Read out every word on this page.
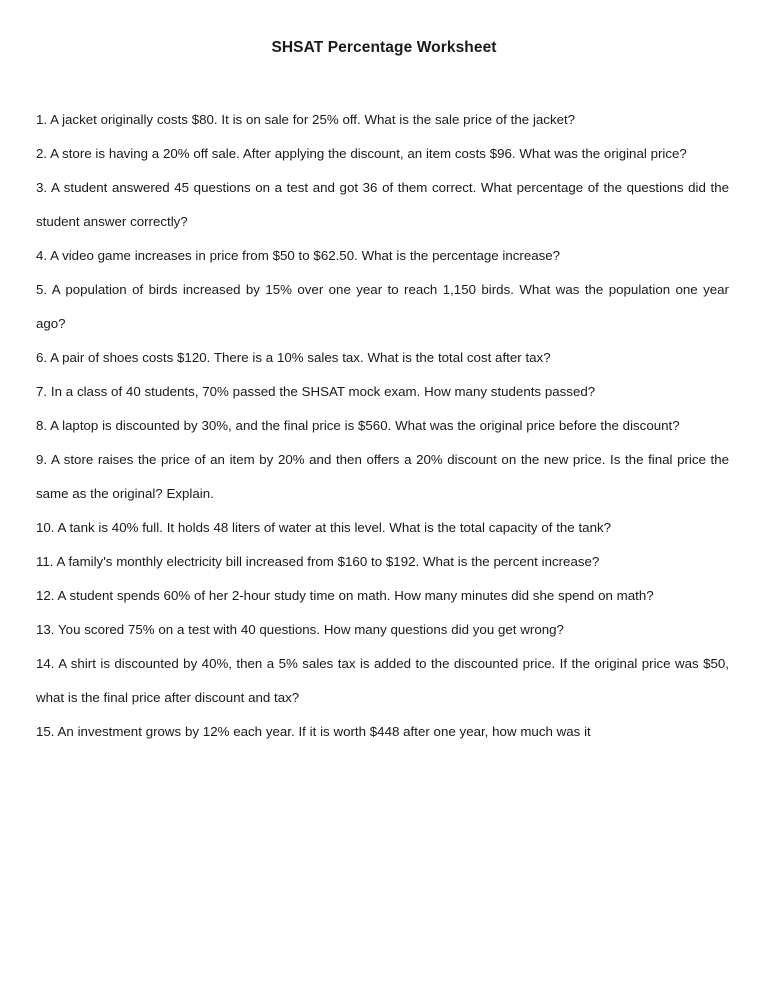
SHSAT Percentage Worksheet

1. A jacket originally costs $80. It is on sale for 25% off. What is the sale price of the jacket?

2. A store is having a 20% off sale. After applying the discount, an item costs $96. What was the original price?

3. A student answered 45 questions on a test and got 36 of them correct. What percentage of the questions did the student answer correctly?

4. A video game increases in price from $50 to $62.50. What is the percentage increase?

5. A population of birds increased by 15% over one year to reach 1,150 birds. What was the population one year ago?

6. A pair of shoes costs $120. There is a 10% sales tax. What is the total cost after tax?

7. In a class of 40 students, 70% passed the SHSAT mock exam. How many students passed?

8. A laptop is discounted by 30%, and the final price is $560. What was the original price before the discount?

9. A store raises the price of an item by 20% and then offers a 20% discount on the new price. Is the final price the same as the original? Explain.

10. A tank is 40% full. It holds 48 liters of water at this level. What is the total capacity of the tank?

11. A family's monthly electricity bill increased from $160 to $192. What is the percent increase?

12. A student spends 60% of her 2-hour study time on math. How many minutes did she spend on math?

13. You scored 75% on a test with 40 questions. How many questions did you get wrong?

14. A shirt is discounted by 40%, then a 5% sales tax is added to the discounted price. If the original price was $50, what is the final price after discount and tax?

15. An investment grows by 12% each year. If it is worth $448 after one year, how much was it
